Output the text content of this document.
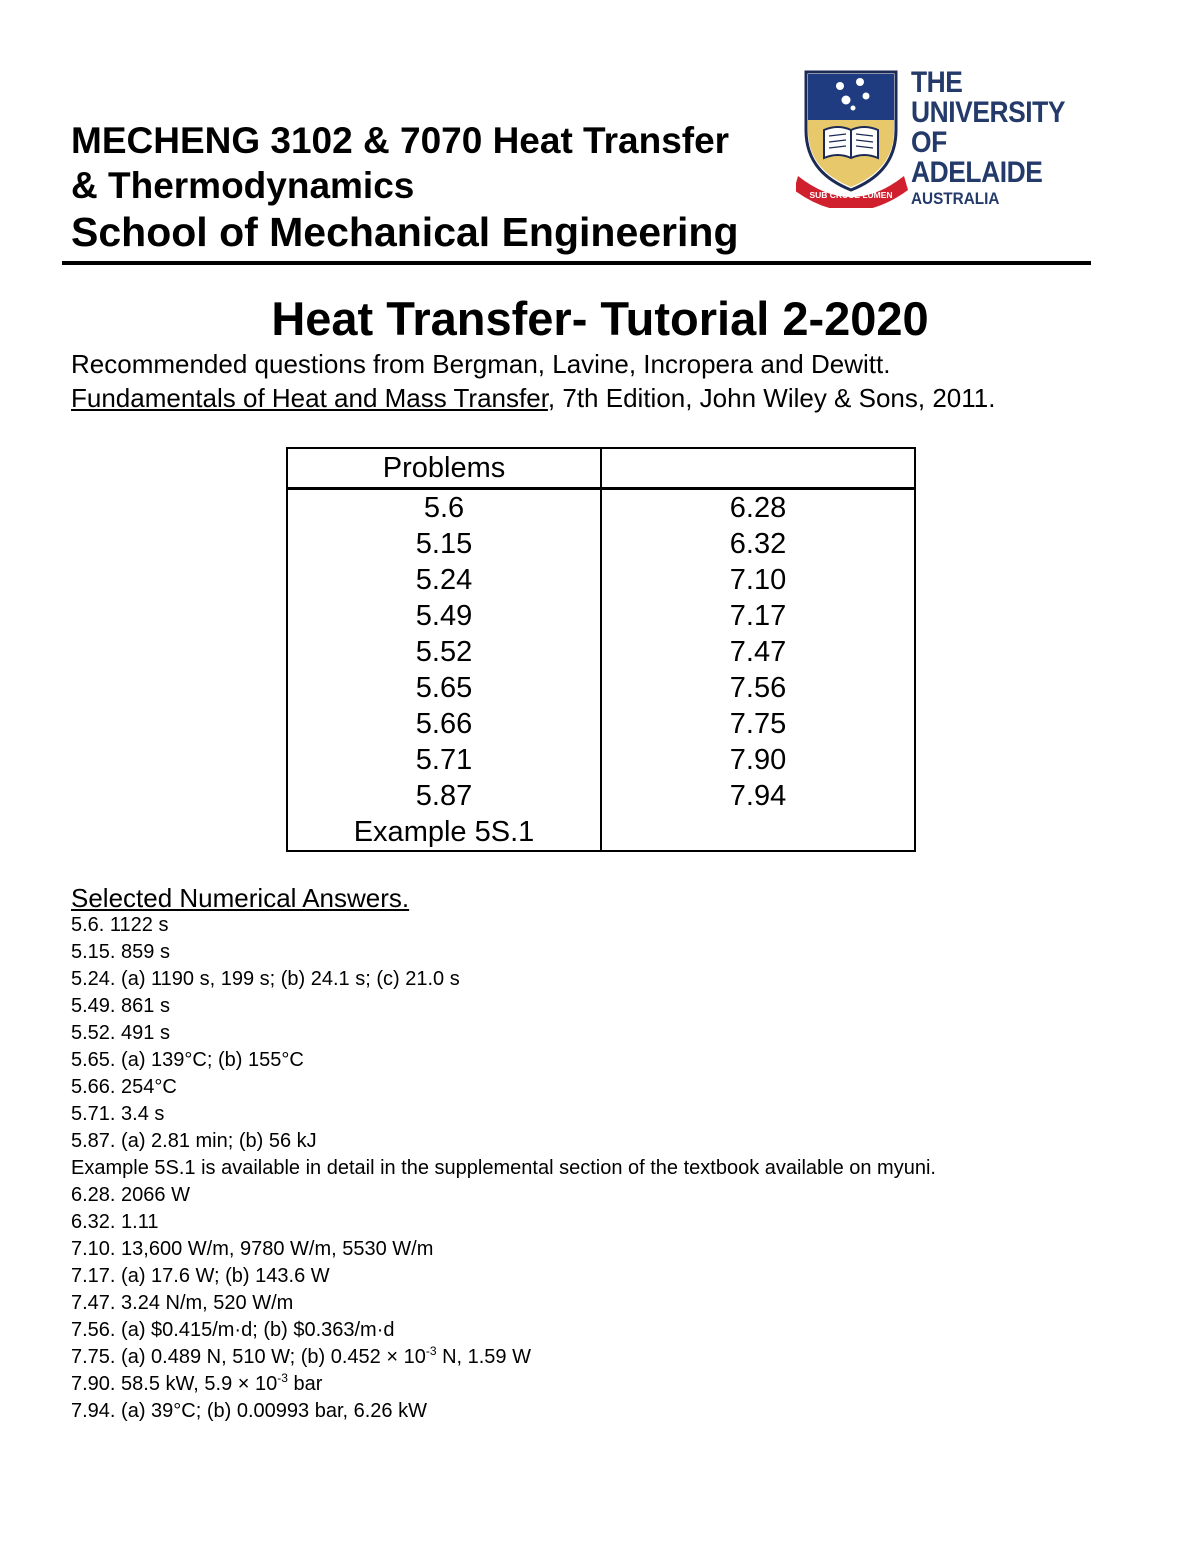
MECHENG 3102 & 7070 Heat Transfer
& Thermodynamics
School of Mechanical Engineering
SUB CRUCE LUMEN
THE UNIVERSITY
OF ADELAIDE
AUSTRALIA
Heat Transfer- Tutorial 2-2020

Recommended questions from Bergman, Lavine, Incropera and Dewitt.

Fundamentals of Heat and Mass Transfer, 7th Edition, John Wiley & Sons, 2011.

Problems	
5.6	6.28
5.15	6.32
5.24	7.10
5.49	7.17
5.52	7.47
5.65	7.56
5.66	7.75
5.71	7.90
5.87	7.94
Example 5S.1	
Selected Numerical Answers.
5.6. 1122 s
5.15. 859 s
5.24. (a) 1190 s, 199 s; (b) 24.1 s; (c) 21.0 s
5.49. 861 s
5.52. 491 s
5.65. (a) 139°C; (b) 155°C
5.66. 254°C
5.71. 3.4 s
5.87. (a) 2.81 min; (b) 56 kJ
Example 5S.1 is available in detail in the supplemental section of the textbook available on myuni.
6.28. 2066 W
6.32. 1.11
7.10. 13,600 W/m, 9780 W/m, 5530 W/m
7.17. (a) 17.6 W; (b) 143.6 W
7.47. 3.24 N/m, 520 W/m
7.56. (a) $0.415/m·d; (b) $0.363/m·d
7.75. (a) 0.489 N, 510 W; (b) $0.452 \times 10^{-3}$ N, 1.59 W
7.90. 58.5 kW, $5.9 \times 10^{-3}$ bar
7.94. (a) 39°C; (b) 0.00993 bar, 6.26 kW
